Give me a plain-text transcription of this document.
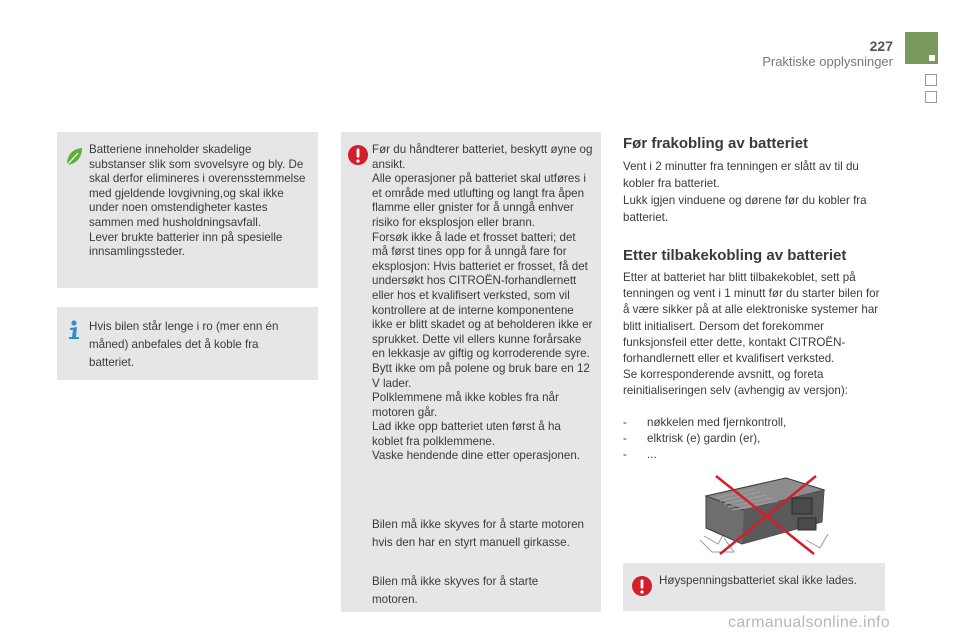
227
Praktiske opplysninger
Batteriene inneholder skadelige substanser slik som svovelsyre og bly. De skal derfor elimineres i overensstemmelse med gjeldende lovgivning,og skal ikke under noen omstendigheter kastes sammen med husholdningsavfall.
Lever brukte batterier inn på spesielle innsamlingssteder.
Hvis bilen står lenge i ro (mer enn én måned) anbefales det å koble fra batteriet.
Før du håndterer batteriet, beskytt øyne og ansikt.
Alle operasjoner på batteriet skal utføres i et område med utlufting og langt fra åpen flamme eller gnister for å unngå enhver risiko for eksplosjon eller brann.
Forsøk ikke å lade et frosset batteri; det må først tines opp for å unngå fare for eksplosjon: Hvis batteriet er frosset, få det undersøkt hos CITROËN-forhandlernett eller hos et kvalifisert verksted, som vil kontrollere at de interne komponentene ikke er blitt skadet og at beholderen ikke er sprukket. Dette vil ellers kunne forårsake en lekkasje av giftig og korroderende syre.
Bytt ikke om på polene og bruk bare en 12 V lader.
Polklemmene må ikke kobles fra når motoren går.
Lad ikke opp batteriet uten først å ha koblet fra polklemmene.
Vaske hendende dine etter operasjonen.
Bilen må ikke skyves for å starte motoren hvis den har en styrt manuell girkasse.
Bilen må ikke skyves for å starte motoren.
Før frakobling av batteriet
Vent i 2 minutter fra tenningen er slått av til du kobler fra batteriet.
Lukk igjen vinduene og dørene før du kobler fra batteriet.
Etter tilbakekobling av batteriet
Etter at batteriet har blitt tilbakekoblet, sett på tenningen og vent i 1 minutt før du starter bilen for å være sikker på at alle elektroniske systemer har blitt initialisert. Dersom det forekommer funksjonsfeil etter dette, kontakt CITROËN-forhandlernett eller et kvalifisert verksted.
Se korresponderende avsnitt, og foreta reinitialiseringen selv (avhengig av versjon):
- nøkkelen med fjernkontroll,
- elktrisk (e) gardin (er),
- ...
Høyspenningsbatteriet skal ikke lades.
carmanualsonline.info
